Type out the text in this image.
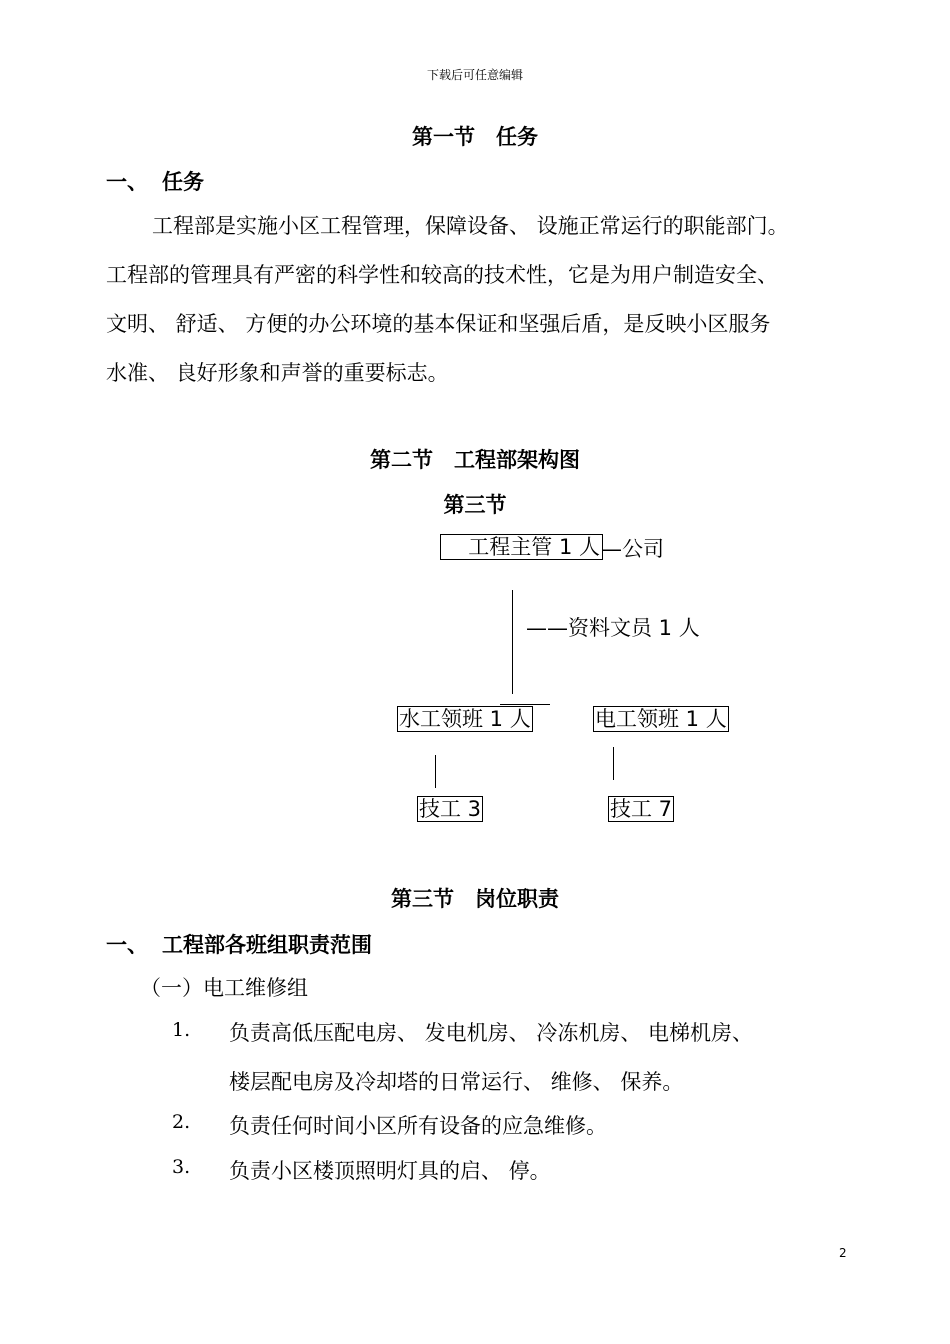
下载后可任意编辑
第一节　任务
一、 任务
工程部是实施小区工程管理，保障设备、 设施正常运行的职能部门。
工程部的管理具有严密的科学性和较高的技术性，它是为用户制造安全、
文明、 舒适、 方便的办公环境的基本保证和坚强后盾，是反映小区服务
水准、 良好形象和声誉的重要标志。
第二节　工程部架构图
第三节
工程主管 1 人 —公司
——资料文员 1 人
水工领班 1 人	电工领班 1 人
技工 3	技工 7
第三节　岗位职责
一、 工程部各班组职责范围
（一）电工维修组
1. 负责高低压配电房、 发电机房、 冷冻机房、 电梯机房、
楼层配电房及冷却塔的日常运行、 维修、 保养。
2. 负责任何时间小区所有设备的应急维修。
3. 负责小区楼顶照明灯具的启、 停。
2
